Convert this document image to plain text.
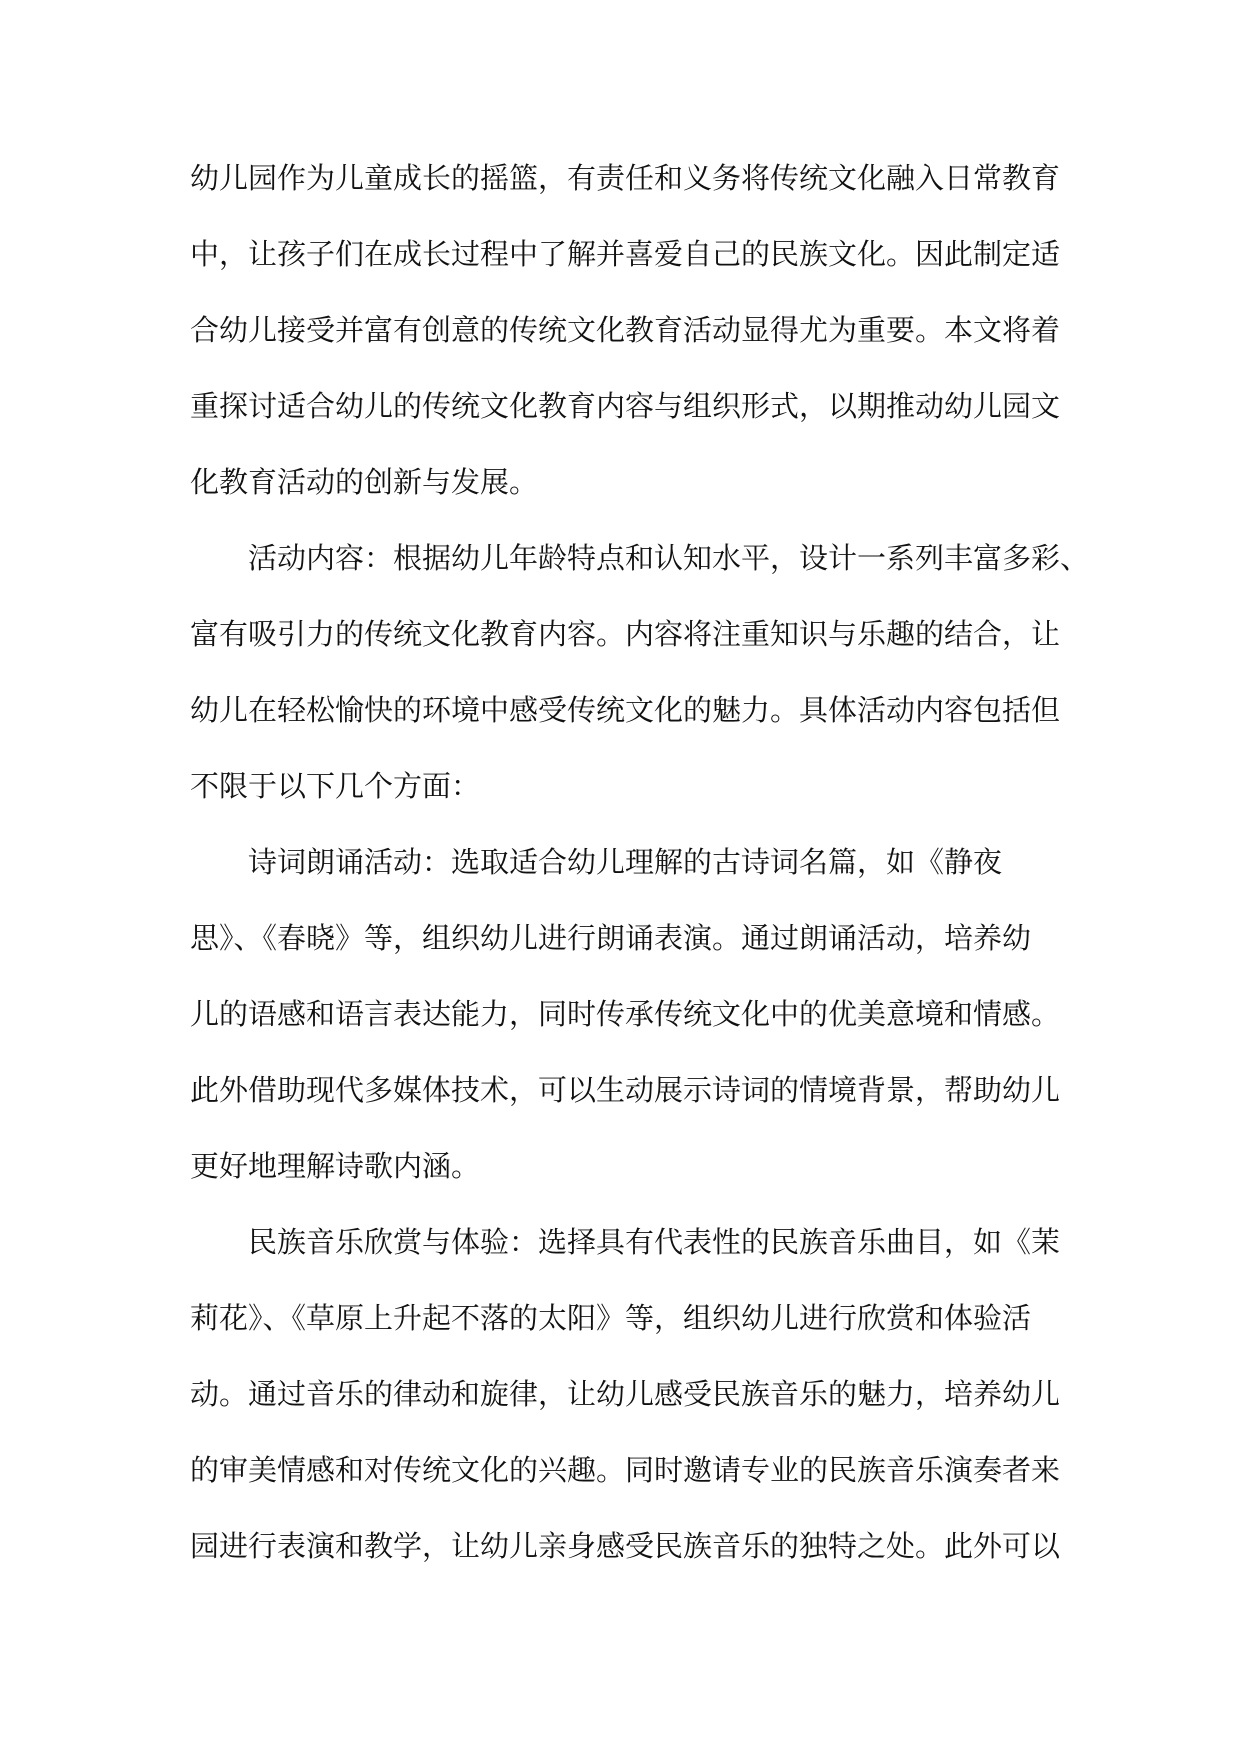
幼儿园作为儿童成长的摇篮，有责任和义务将传统文化融入日常教育
中，让孩子们在成长过程中了解并喜爱自己的民族文化。因此制定适
合幼儿接受并富有创意的传统文化教育活动显得尤为重要。本文将着
重探讨适合幼儿的传统文化教育内容与组织形式，以期推动幼儿园文
化教育活动的创新与发展。
活动内容：根据幼儿年龄特点和认知水平，设计一系列丰富多彩、
富有吸引力的传统文化教育内容。内容将注重知识与乐趣的结合，让
幼儿在轻松愉快的环境中感受传统文化的魅力。具体活动内容包括但
不限于以下几个方面：
诗词朗诵活动：选取适合幼儿理解的古诗词名篇，如《静夜
思》、《春晓》等，组织幼儿进行朗诵表演。通过朗诵活动，培养幼
儿的语感和语言表达能力，同时传承传统文化中的优美意境和情感。
此外借助现代多媒体技术，可以生动展示诗词的情境背景，帮助幼儿
更好地理解诗歌内涵。
民族音乐欣赏与体验：选择具有代表性的民族音乐曲目，如《茉
莉花》、《草原上升起不落的太阳》等，组织幼儿进行欣赏和体验活
动。通过音乐的律动和旋律，让幼儿感受民族音乐的魅力，培养幼儿
的审美情感和对传统文化的兴趣。同时邀请专业的民族音乐演奏者来
园进行表演和教学，让幼儿亲身感受民族音乐的独特之处。此外可以
